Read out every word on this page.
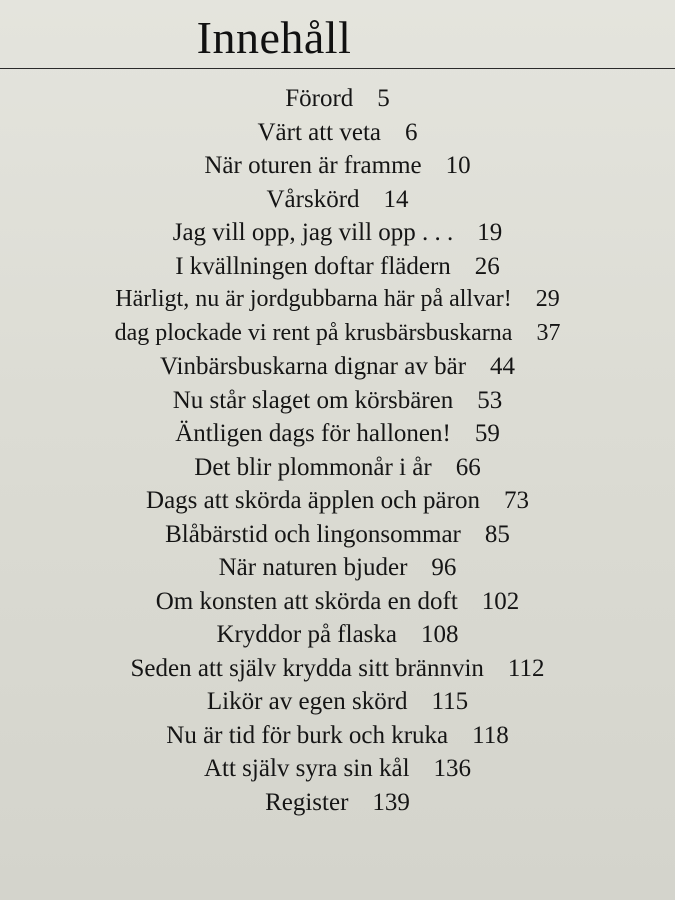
Innehåll
Förord 5
Värt att veta 6
När oturen är framme 10
Vårskörd 14
Jag vill opp, jag vill opp . . . 19
I kvällningen doftar flädern 26
Härligt, nu är jordgubbarna här på allvar! 29
dag plockade vi rent på krusbärsbuskarna 37
Vinbärsbuskarna dignar av bär 44
Nu står slaget om körsbären 53
Äntligen dags för hallonen! 59
Det blir plommonår i år 66
Dags att skörda äpplen och päron 73
Blåbärstid och lingonsommar 85
När naturen bjuder 96
Om konsten att skörda en doft 102
Kryddor på flaska 108
Seden att själv krydda sitt brännvin 112
Likör av egen skörd 115
Nu är tid för burk och kruka 118
Att själv syra sin kål 136
Register 139
